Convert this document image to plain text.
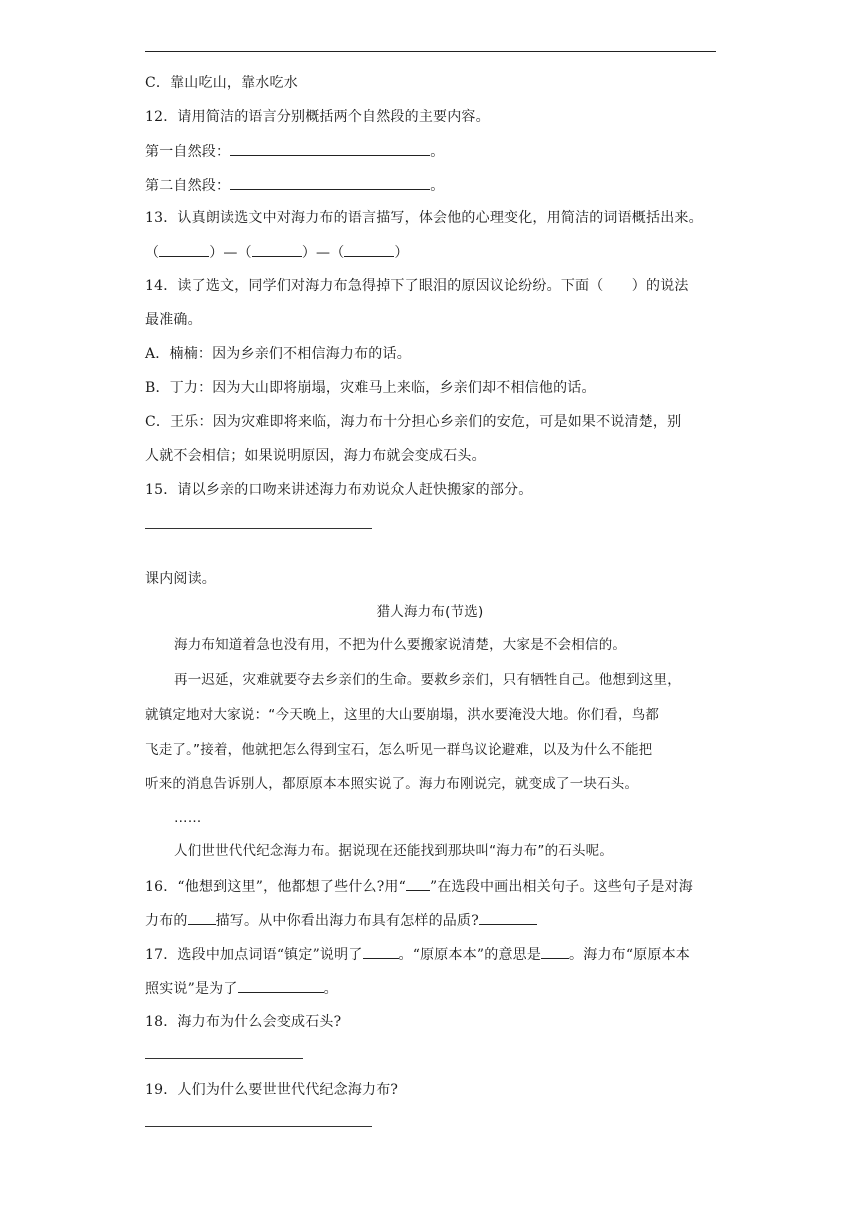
C．靠山吃山，靠水吃水
12．请用简洁的语言分别概括两个自然段的主要内容。
第一自然段：	。
第二自然段：	。
13．认真朗读选文中对海力布的语言描写，体会他的心理变化，用简洁的词语概括出来。
（	）—（	）—（	）
14．读了选文，同学们对海力布急得掉下了眼泪的原因议论纷纷。下面（　　）的说法
最准确。
A．楠楠：因为乡亲们不相信海力布的话。
B．丁力：因为大山即将崩塌，灾难马上来临，乡亲们却不相信他的话。
C．王乐：因为灾难即将来临，海力布十分担心乡亲们的安危，可是如果不说清楚，别
人就不会相信；如果说明原因，海力布就会变成石头。
15．请以乡亲的口吻来讲述海力布劝说众人赶快搬家的部分。
课内阅读。
猎人海力布(节选)
海力布知道着急也没有用，不把为什么要搬家说清楚，大家是不会相信的。
再一迟延，灾难就要夺去乡亲们的生命。要救乡亲们，只有牺牲自己。他想到这里，
就镇定地对大家说：“今天晚上，这里的大山要崩塌，洪水要淹没大地。你们看，鸟都
飞走了。”接着，他就把怎么得到宝石，怎么听见一群鸟议论避难，以及为什么不能把
听来的消息告诉别人，都原原本本照实说了。海力布刚说完，就变成了一块石头。
……
人们世世代代纪念海力布。据说现在还能找到那块叫“海力布”的石头呢。
16．“他想到这里”，他都想了些什么?用“ ”在选段中画出相关句子。这些句子是对海
力布的 描写。从中你看出海力布具有怎样的品质?
17．选段中加点词语“镇定”说明了	。“原原本本”的意思是 。海力布“原原本本
照实说”是为了	。
18．海力布为什么会变成石头?
19．人们为什么要世世代代纪念海力布?
